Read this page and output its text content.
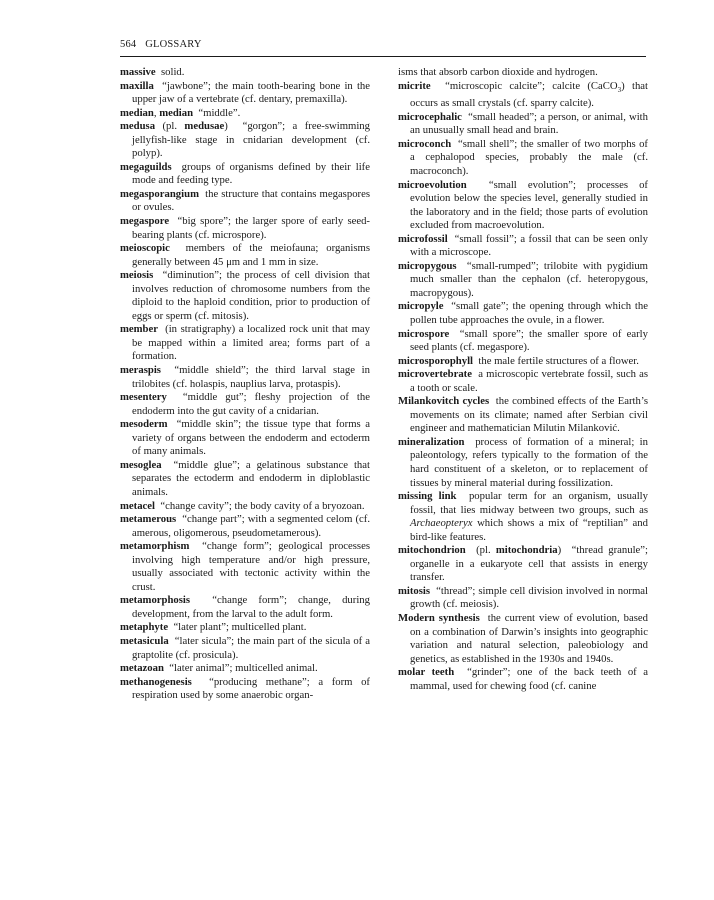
564 GLOSSARY
massive  solid.
maxilla  “jawbone”; the main tooth-bearing bone in the upper jaw of a vertebrate (cf. dentary, premaxilla).
median, median  “middle”.
medusa (pl. medusae)  “gorgon”; a free-swimming jellyfish-like stage in cnidarian development (cf. polyp).
megaguilds  groups of organisms defined by their life mode and feeding type.
megasporangium  the structure that contains megaspores or ovules.
megaspore  “big spore”; the larger spore of early seed-bearing plants (cf. microspore).
meioscopic  members of the meiofauna; organisms generally between 45 μm and 1 mm in size.
meiosis  “diminution”; the process of cell division that involves reduction of chromosome numbers from the diploid to the haploid condition, prior to production of eggs or sperm (cf. mitosis).
member  (in stratigraphy) a localized rock unit that may be mapped within a limited area; forms part of a formation.
meraspis  “middle shield”; the third larval stage in trilobites (cf. holaspis, nauplius larva, protaspis).
mesentery  “middle gut”; fleshy projection of the endoderm into the gut cavity of a cnidarian.
mesoderm  “middle skin”; the tissue type that forms a variety of organs between the endoderm and ectoderm of many animals.
mesoglea  “middle glue”; a gelatinous substance that separates the ectoderm and endoderm in diploblastic animals.
metacel  “change cavity”; the body cavity of a bryozoan.
metamerous  “change part”; with a segmented celom (cf. amerous, oligomerous, pseudometamerous).
metamorphism  “change form”; geological processes involving high temperature and/or high pressure, usually associated with tectonic activity within the crust.
metamorphosis  “change form”; change, during development, from the larval to the adult form.
metaphyte  “later plant”; multicelled plant.
metasicula  “later sicula”; the main part of the sicula of a graptolite (cf. prosicula).
metazoan  “later animal”; multicelled animal.
methanogenesis  “producing methane”; a form of respiration used by some anaerobic organ-
isms that absorb carbon dioxide and hydrogen.
micrite  “microscopic calcite”; calcite (CaCO$_3$) that occurs as small crystals (cf. sparry calcite).
microcephalic  “small headed”; a person, or animal, with an unusually small head and brain.
microconch  “small shell”; the smaller of two morphs of a cephalopod species, probably the male (cf. macroconch).
microevolution  “small evolution”; processes of evolution below the species level, generally studied in the laboratory and in the field; those parts of evolution excluded from macroevolution.
microfossil  “small fossil”; a fossil that can be seen only with a microscope.
micropygous  “small-rumped”; trilobite with pygidium much smaller than the cephalon (cf. heteropygous, macropygous).
micropyle  “small gate”; the opening through which the pollen tube approaches the ovule, in a flower.
microspore  “small spore”; the smaller spore of early seed plants (cf. megaspore).
microsporophyll  the male fertile structures of a flower.
microvertebrate  a microscopic vertebrate fossil, such as a tooth or scale.
Milankovitch cycles  the combined effects of the Earth’s movements on its climate; named after Serbian civil engineer and mathematician Milutin Milanković.
mineralization  process of formation of a mineral; in paleontology, refers typically to the formation of the hard constituent of a skeleton, or to replacement of tissues by mineral material during fossilization.
missing link  popular term for an organism, usually fossil, that lies midway between two groups, such as Archaeopteryx which shows a mix of “reptilian” and bird-like features.
mitochondrion  (pl. mitochondria)  “thread granule”; organelle in a eukaryote cell that assists in energy transfer.
mitosis  “thread”; simple cell division involved in normal growth (cf. meiosis).
Modern synthesis  the current view of evolution, based on a combination of Darwin’s insights into geographic variation and natural selection, paleobiology and genetics, as established in the 1930s and 1940s.
molar teeth  “grinder”; one of the back teeth of a mammal, used for chewing food (cf. canine
